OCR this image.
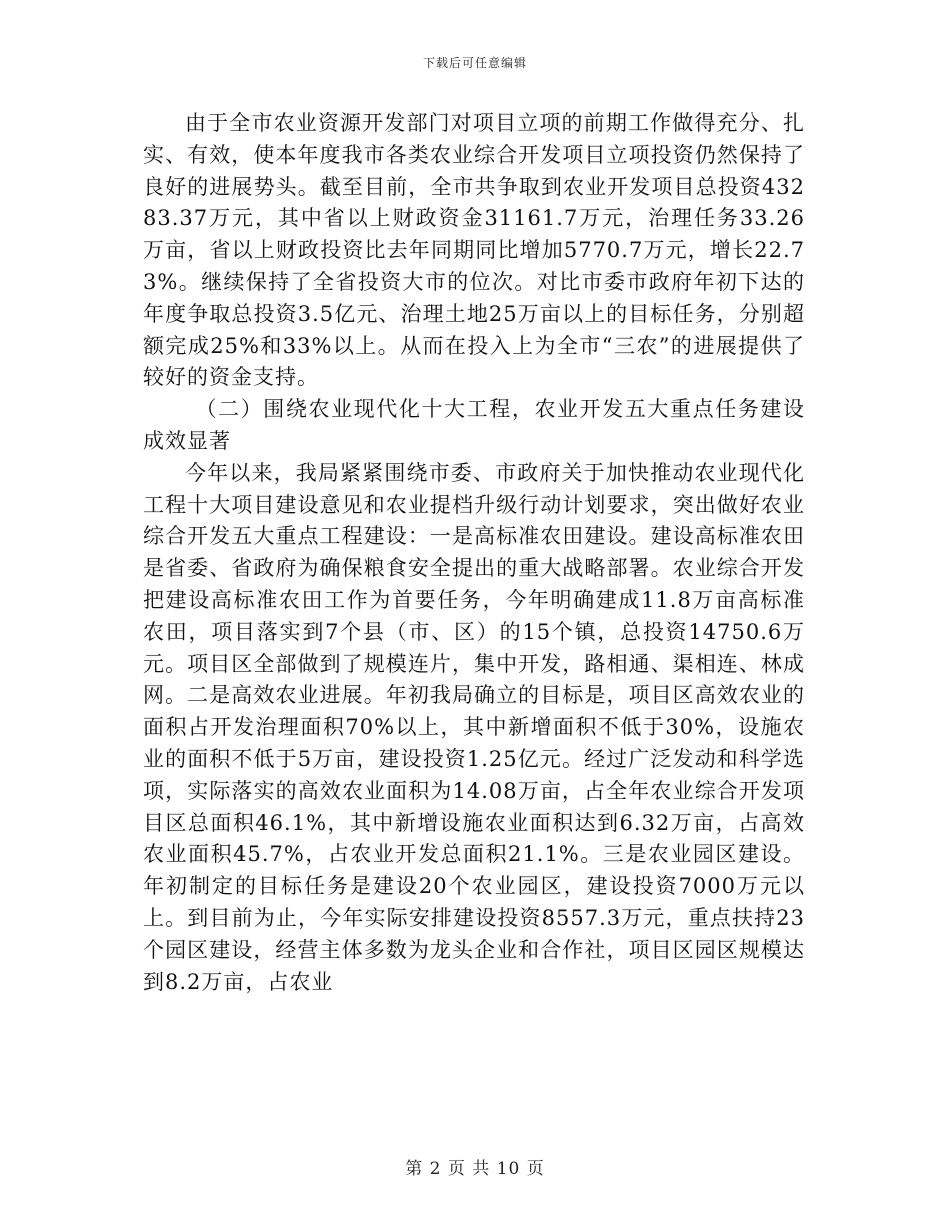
下载后可任意编辑

由于全市农业资源开发部门对项目立项的前期工作做得充分、扎实、有效，使本年度我市各类农业综合开发项目立项投资仍然保持了良好的进展势头。截至目前，全市共争取到农业开发项目总投资43283.37万元，其中省以上财政资金31161.7万元，治理任务33.26万亩，省以上财政投资比去年同期同比增加5770.7万元，增长22.73%。继续保持了全省投资大市的位次。对比市委市政府年初下达的年度争取总投资3.5亿元、治理土地25万亩以上的目标任务，分别超额完成25%和33%以上。从而在投入上为全市“三农”的进展提供了较好的资金支持。

（二）围绕农业现代化十大工程，农业开发五大重点任务建设成效显著

今年以来，我局紧紧围绕市委、市政府关于加快推动农业现代化工程十大项目建设意见和农业提档升级行动计划要求，突出做好农业综合开发五大重点工程建设：一是高标准农田建设。建设高标准农田是省委、省政府为确保粮食安全提出的重大战略部署。农业综合开发把建设高标准农田工作为首要任务，今年明确建成11.8万亩高标准农田，项目落实到7个县（市、区）的15个镇，总投资14750.6万元。项目区全部做到了规模连片，集中开发，路相通、渠相连、林成网。二是高效农业进展。年初我局确立的目标是，项目区高效农业的面积占开发治理面积70%以上，其中新增面积不低于30%，设施农业的面积不低于5万亩，建设投资1.25亿元。经过广泛发动和科学选项，实际落实的高效农业面积为14.08万亩，占全年农业综合开发项目区总面积46.1%，其中新增设施农业面积达到6.32万亩，占高效农业面积45.7%，占农业开发总面积21.1%。三是农业园区建设。年初制定的目标任务是建设20个农业园区，建设投资7000万元以上。到目前为止，今年实际安排建设投资8557.3万元，重点扶持23个园区建设，经营主体多数为龙头企业和合作社，项目区园区规模达到8.2万亩，占农业

第 2 页 共 10 页
